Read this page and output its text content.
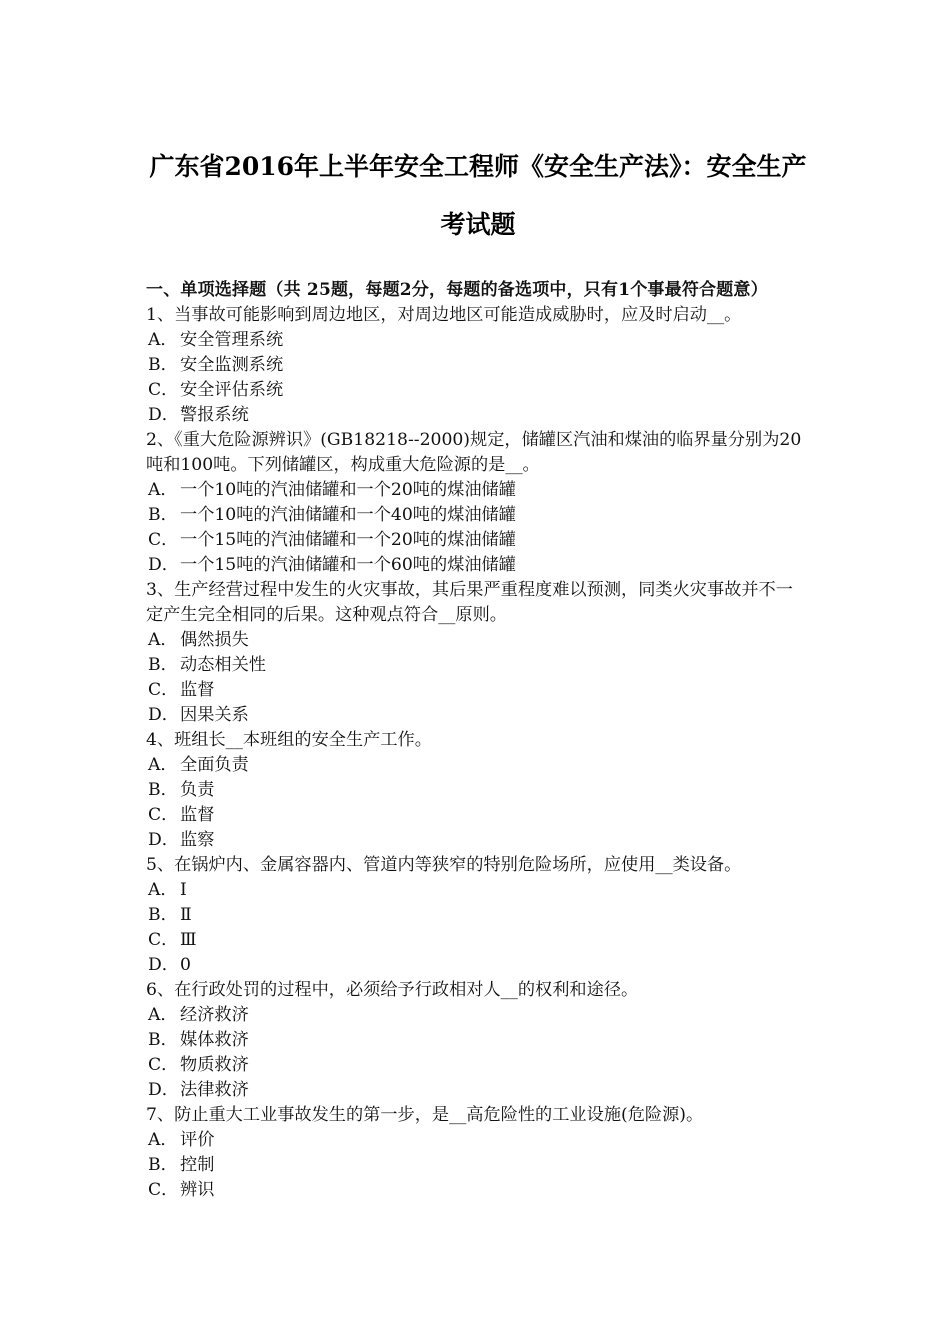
广东省2016年上半年安全工程师《安全生产法》：安全生产考试题

一、单项选择题（共 25题，每题2分，每题的备选项中，只有1个事最符合题意）

1、当事故可能影响到周边地区，对周边地区可能造成威胁时，应及时启动__。

A． 安全管理系统

B． 安全监测系统

C．安全评估系统

D．警报系统

2、《重大危险源辨识》(GB18218--2000)规定，储罐区汽油和煤油的临界量分别为20吨和100吨。下列储罐区，构成重大危险源的是__。

A． 一个10吨的汽油储罐和一个20吨的煤油储罐

B． 一个10吨的汽油储罐和一个40吨的煤油储罐

C．一个15吨的汽油储罐和一个20吨的煤油储罐

D．一个15吨的汽油储罐和一个60吨的煤油储罐

3、生产经营过程中发生的火灾事故，其后果严重程度难以预测，同类火灾事故并不一定产生完全相同的后果。这种观点符合__原则。

A． 偶然损失

B． 动态相关性

C．监督

D．因果关系

4、班组长__本班组的安全生产工作。

A． 全面负责

B． 负责

C．监督

D．监察

5、在锅炉内、金属容器内、管道内等狭窄的特别危险场所，应使用__类设备。

A． Ⅰ

B． Ⅱ

C．Ⅲ

D．0

6、在行政处罚的过程中，必须给予行政相对人__的权利和途径。

A． 经济救济

B． 媒体救济

C．物质救济

D．法律救济

7、防止重大工业事故发生的第一步，是__高危险性的工业设施(危险源)。

A． 评价

B． 控制

C．辨识
